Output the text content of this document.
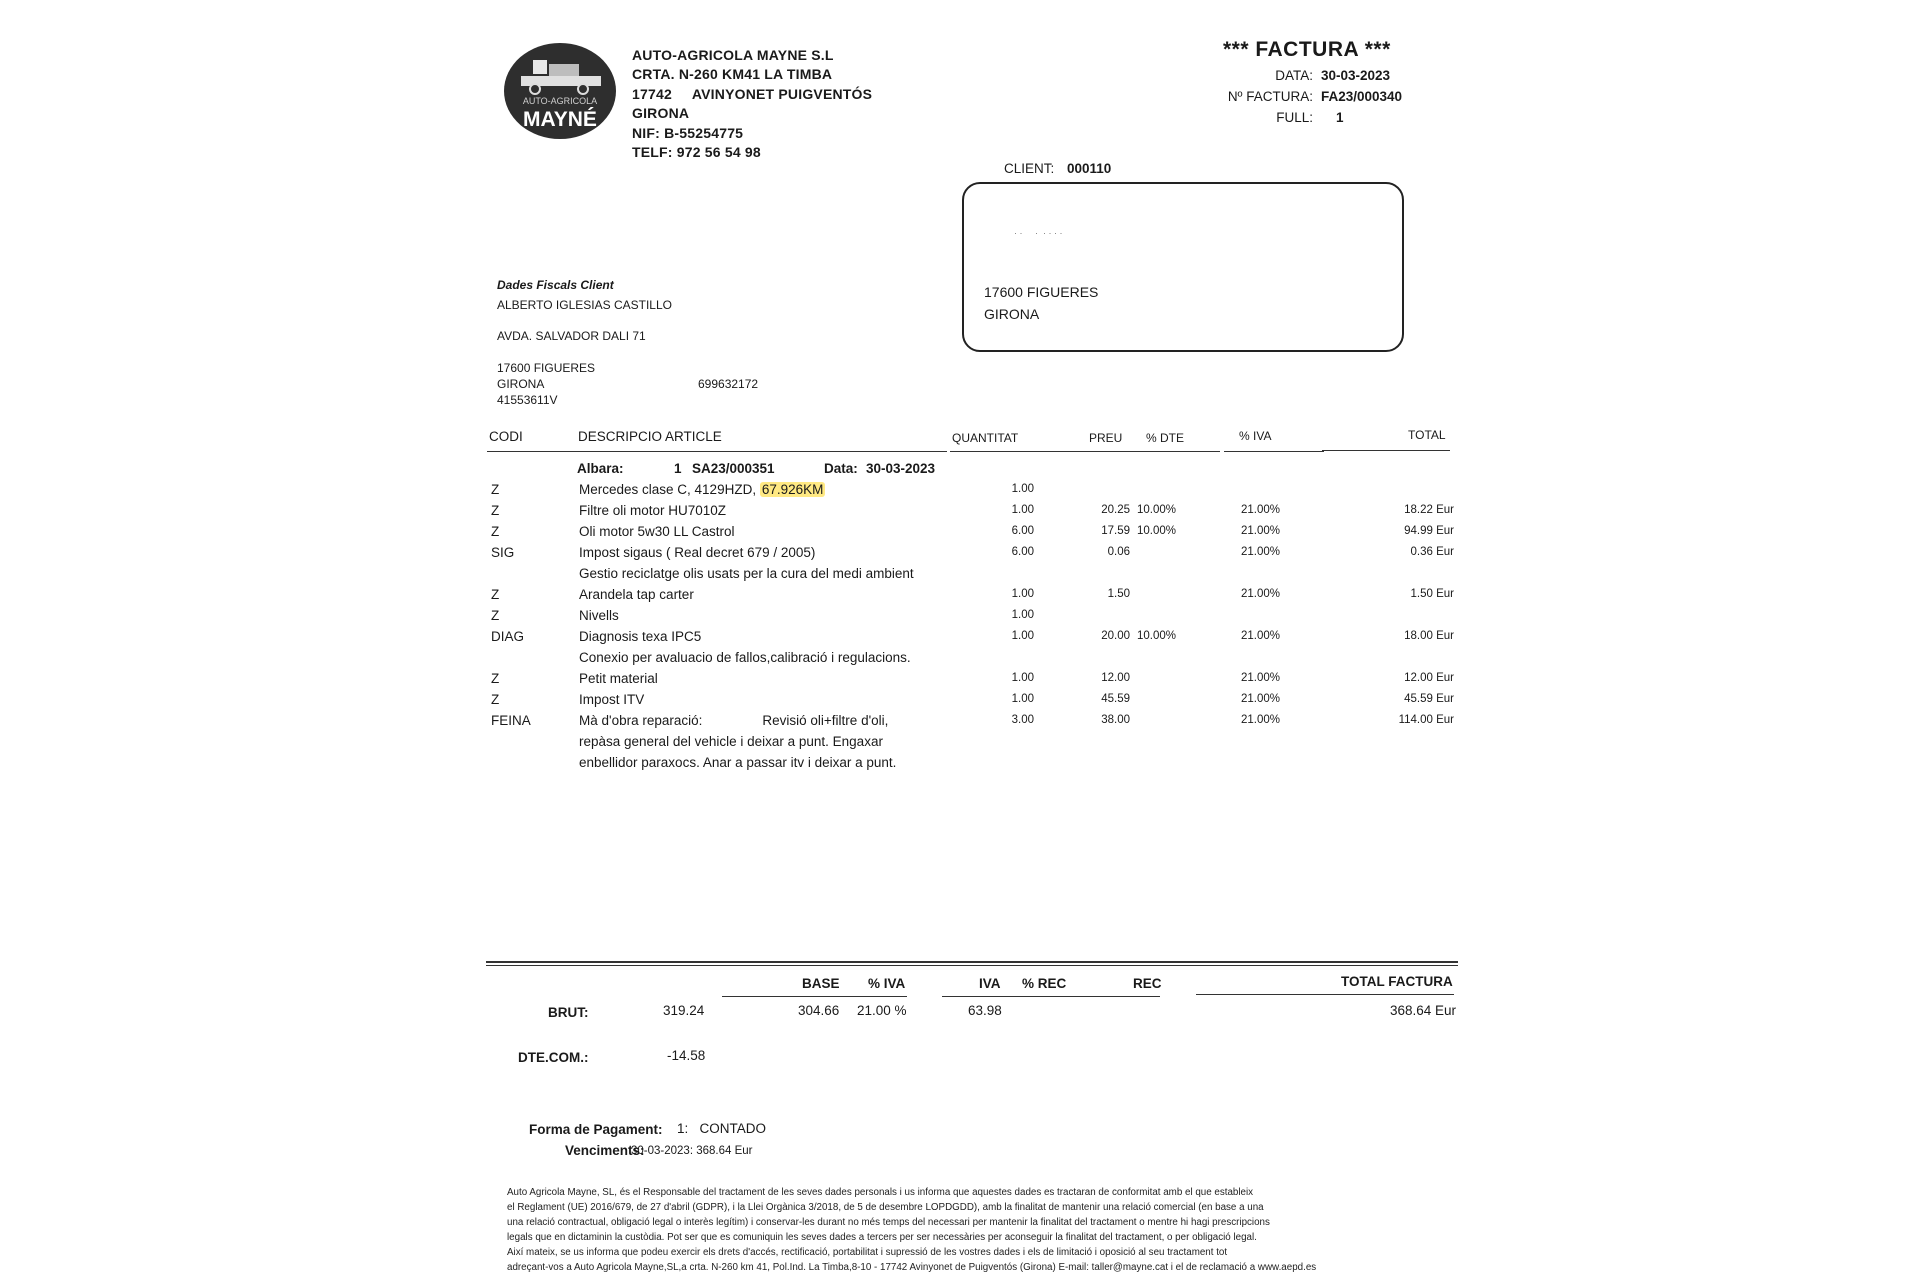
AUTO-AGRICOLA
MAYNÉ
AUTO-AGRICOLA MAYNE S.L
CRTA. N-260 KM41 LA TIMBA
17742     AVINYONET PUIGVENTÓS
GIRONA
NIF: B-55254775
TELF: 972 56 54 98
*** FACTURA ***
DATA: 30-03-2023
Nº FACTURA: FA23/000340
FULL: 1
CLIENT: 000110
· ·     ·  · · · ·
17600 FIGUERES
GIRONA
Dades Fiscals Client
ALBERTO IGLESIAS CASTILLO
AVDA. SALVADOR DALI 71
17600 FIGUERES
GIRONA	699632172
41553611V
CODI	DESCRIPCIO ARTICLE	QUANTITAT	PREU % DTE	% IVA	TOTAL
Albara:	1 SA23/000351	Data: 30-03-2023
Z	Mercedes clase C, 4129HZD, 67.926KM	1.00
Z	Filtre oli motor HU7010Z	1.00	20.25 10.00%	21.00%	18.22 Eur
Z	Oli motor 5w30 LL Castrol	6.00	17.59 10.00%	21.00%	94.99 Eur
SIG	Impost sigaus ( Real decret 679 / 2005)	6.00	0.06	21.00%	0.36 Eur
Gestio reciclatge olis usats per la cura del medi ambient
Z	Arandela tap carter	1.00	1.50	21.00%	1.50 Eur
Z	Nivells	1.00
DIAG	Diagnosis texa IPC5	1.00	20.00 10.00%	21.00%	18.00 Eur
Conexio per avaluacio de fallos,calibració i regulacions.
Z	Petit material	1.00	12.00	21.00%	12.00 Eur
Z	Impost ITV	1.00	45.59	21.00%	45.59 Eur
FEINA	Mà d'obra reparació:                Revisió oli+filtre d'oli,	3.00	38.00	21.00%	114.00 Eur
repàsa general del vehicle i deixar a punt. Engaxar
enbellidor paraxocs. Anar a passar itv i deixar a punt.
BASE % IVA	IVA % REC	REC	TOTAL FACTURA
BRUT:	319.24	304.66 21.00 %	63.98	368.64 Eur
DTE.COM.:	-14.58
Forma de Pagament: 1:   CONTADO
Venciments:
30-03-2023: 368.64 Eur
Auto Agricola Mayne, SL, és el Responsable del tractament de les seves dades personals i us informa que aquestes dades es tractaran de conformitat amb el que estableix
el Reglament (UE) 2016/679, de 27 d'abril (GDPR), i la Llei Orgànica 3/2018, de 5 de desembre LOPDGDD), amb la finalitat de mantenir una relació comercial (en base a una
una relació contractual, obligació legal o interès legítim) i conservar-les durant no més temps del necessari per mantenir la finalitat del tractament o mentre hi hagi prescripcions
legals que en dictaminin la custòdia. Pot ser que es comuniquin les seves dades a tercers per ser necessàries per aconseguir la finalitat del tractament, o per obligació legal.
Així mateix, se us informa que podeu exercir els drets d'accés, rectificació, portabilitat i supressió de les vostres dades i els de limitació i oposició al seu tractament tot
adreçant-vos a Auto Agricola Mayne,SL,a crta. N-260 km 41, Pol.Ind. La Timba,8-10 - 17742 Avinyonet de Puigventós (Girona) E-mail: taller@mayne.cat i el de reclamació a www.aepd.es
